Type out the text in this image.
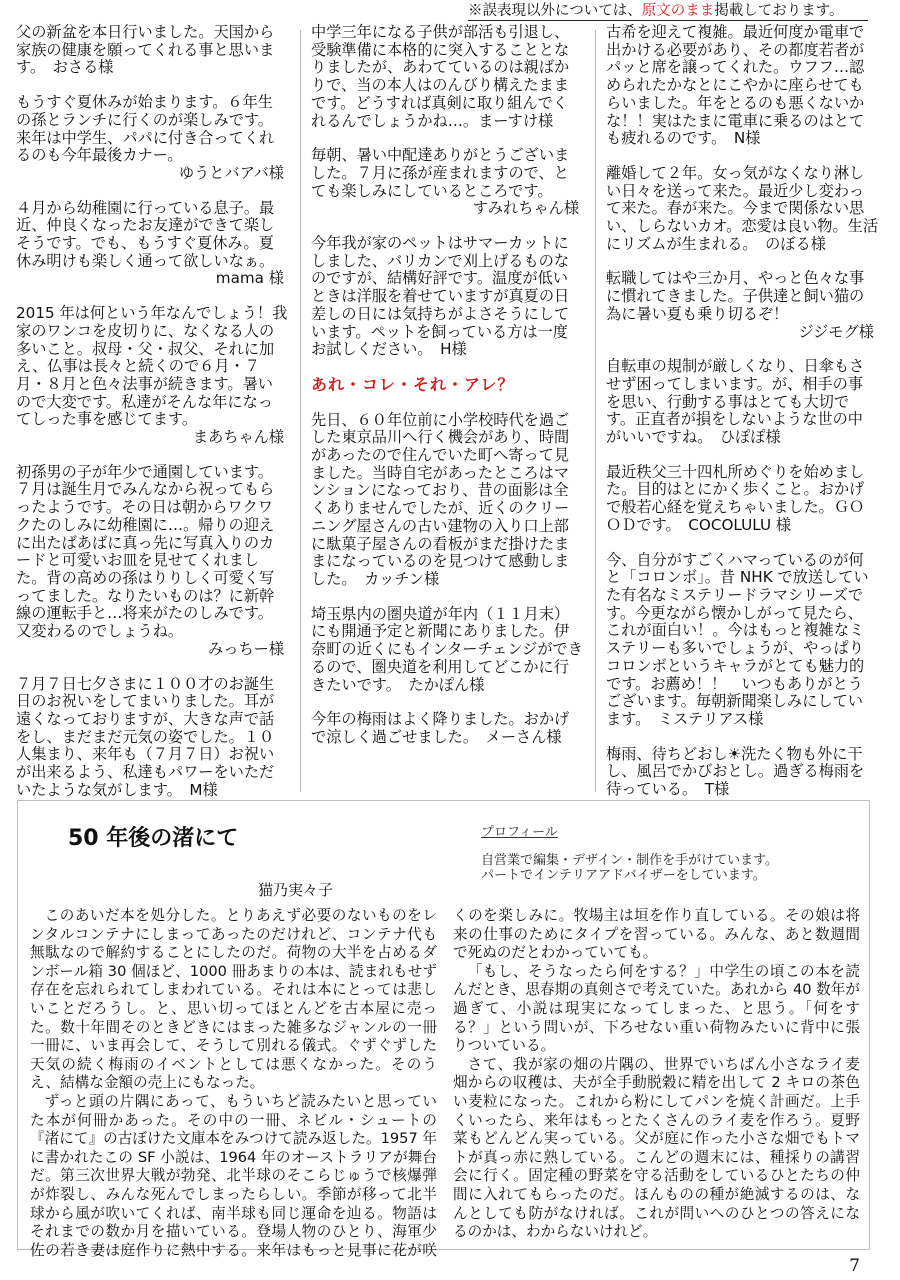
※誤表現以外については、原文のまま掲載しております。
父の新盆を本日行いました。天国から家族の健康を願ってくれる事と思います。　おさる様
もうすぐ夏休みが始まります。６年生の孫とランチに行くのが楽しみです。来年は中学生、パパに付き合ってくれるのも今年最後カナー。
ゆうとバアバ様
４月から幼稚園に行っている息子。最近、仲良くなったお友達ができて楽しそうです。でも、もうすぐ夏休み。夏休み明けも楽しく通って欲しいなぁ。
mama 様
2015 年は何という年なんでしょう！我家のワンコを皮切りに、なくなる人の多いこと。叔母・父・叔父、それに加え、仏事は長々と続くので６月・７月・８月と色々法事が続きます。暑いので大変です。私達がそんな年になってしった事を感じてます。
まあちゃん様
初孫男の子が年少で通園しています。７月は誕生月でみんなから祝ってもらったようです。その日は朝からワクワクたのしみに幼稚園に…。帰りの迎えに出たばあばに真っ先に写真入りのカードと可愛いお皿を見せてくれました。背の高めの孫はりりしく可愛く写ってました。なりたいものは？に新幹線の運転手と…将来がたのしみです。又変わるのでしょうね。
みっちー様
７月７日七夕さまに１００才のお誕生日のお祝いをしてまいりました。耳が遠くなっておりますが、大きな声で話をし、まだまだ元気の姿でした。１０人集まり、来年も（７月７日）お祝いが出来るよう、私達もパワーをいただいたような気がします。　M様
中学三年になる子供が部活も引退し、受験準備に本格的に突入することとなりましたが、あわてているのは親ばかりで、当の本人はのんびり構えたままです。どうすれば真剣に取り組んでくれるんでしょうかね…。まーすけ様
毎朝、暑い中配達ありがとうございました。７月に孫が産まれますので、とても楽しみにしているところです。
すみれちゃん様
今年我が家のペットはサマーカットにしました、バリカンで刈上げるものなのですが、結構好評です。温度が低いときは洋服を着せていますが真夏の日差しの日には気持ちがよさそうにしています。ペットを飼っている方は一度お試しください。　H様
あれ・コレ・それ・アレ？
先日、６０年位前に小学校時代を過ごした東京品川へ行く機会があり、時間があったので住んでいた町へ寄って見ました。当時自宅があったところはマンションになっており、昔の面影は全くありませんでしたが、近くのクリーニング屋さんの古い建物の入り口上部に駄菓子屋さんの看板がまだ掛けたままになっているのを見つけて感動しました。　カッチン様
埼玉県内の圏央道が年内（１１月末）にも開通予定と新聞にありました。伊奈町の近くにもインターチェンジができるので、圏央道を利用してどこかに行きたいです。　たかぽん様
今年の梅雨はよく降りました。おかげで涼しく過ごせました。　メーさん様
古希を迎えて複雑。最近何度か電車で出かける必要があり、その都度若者がパッと席を譲ってくれた。ウフフ…認められたかなとにこやかに座らせてもらいました。年をとるのも悪くないかな！！実はたまに電車に乗るのはとても疲れるのです。　N様
離婚して２年。女っ気がなくなり淋しい日々を送って来た。最近少し変わって来た。春が来た。今まで関係ない思い、しらないカオ。恋愛は良い物。生活にリズムが生まれる。　のぼる様
転職してはや三か月、やっと色々な事に慣れてきました。子供達と飼い猫の為に暑い夏も乗り切るぞ！
ジジモグ様
自転車の規制が厳しくなり、日傘もさせず困ってしまいます。が、相手の事を思い、行動する事はとても大切です。正直者が損をしないような世の中がいいですね。　ひぽぽ様
最近秩父三十四札所めぐりを始めました。目的はとにかく歩くこと。おかげで般若心経を覚えちゃいました。ＧＯＯＤです。　COCOLULU 様
今、自分がすごくハマっているのが何と「コロンボ」。昔 NHK で放送していた有名なミステリードラマシリーズです。今更ながら懐かしがって見たら、これが面白い！。今はもっと複雑なミステリーも多いでしょうが、やっぱりコロンボというキャラがとても魅力的です。お薦め！！　いつもありがとうございます。毎朝新聞楽しみにしています。　ミステリアス様
梅雨、待ちどおし☀洗たく物も外に干し、風呂でかびおとし。過ぎる梅雨を待っている。　T様
50 年後の渚にて
猫乃実々子
プロフィール
自営業で編集・デザイン・制作を手がけています。
パートでインテリアアドバイザーをしています。

このあいだ本を処分した。とりあえず必要のないものをレンタルコンテナにしまってあったのだけれど、コンテナ代も無駄なので解約することにしたのだ。荷物の大半を占めるダンボール箱 30 個ほど、1000 冊あまりの本は、読まれもせず存在を忘れられてしまわれている。それは本にとっては悲しいことだろうし。と、思い切ってほとんどを古本屋に売った。数十年間そのときどきにはまった雑多なジャンルの一冊一冊に、いま再会して、そうして別れる儀式。ぐずぐずした天気の続く梅雨のイベントとしては悪くなかった。そのうえ、結構な金額の売上にもなった。

ずっと頭の片隅にあって、もういちど読みたいと思っていた本が何冊かあった。その中の一冊、ネビル・シュートの『渚にて』の古ぼけた文庫本をみつけて読み返した。1957 年に書かれたこの SF 小説は、1964 年のオーストラリアが舞台だ。第三次世界大戦が勃発、北半球のそこらじゅうで核爆弾が炸裂し、みんな死んでしまったらしい。季節が移って北半球から風が吹いてくれば、南半球も同じ運命を辿る。物語はそれまでの数か月を描いている。登場人物のひとり、海軍少佐の若き妻は庭作りに熱中する。来年はもっと見事に花が咲くのを楽しみに。牧場主は垣を作り直している。その娘は将来の仕事のためにタイプを習っている。みんな、あと数週間で死ぬのだとわかっていても。

「もし、そうなったら何をする？」中学生の頃この本を読んだとき、思春期の真剣さで考えていた。あれから 40 数年が過ぎて、小説は現実になってしまった、と思う。「何をする？」という問いが、下ろせない重い荷物みたいに背中に張りついている。

さて、我が家の畑の片隅の、世界でいちばん小さなライ麦畑からの収穫は、夫が全手動脱穀に精を出して 2 キロの茶色い麦粒になった。これから粉にしてパンを焼く計画だ。上手くいったら、来年はもっとたくさんのライ麦を作ろう。夏野菜もどんどん実っている。父が庭に作った小さな畑でもトマトが真っ赤に熟している。こんどの週末には、種採りの講習会に行く。固定種の野菜を守る活動をしているひとたちの仲間に入れてもらったのだ。ほんものの種が絶滅するのは、なんとしても防がなければ。これが問いへのひとつの答えになるのかは、わからないけれど。

7
